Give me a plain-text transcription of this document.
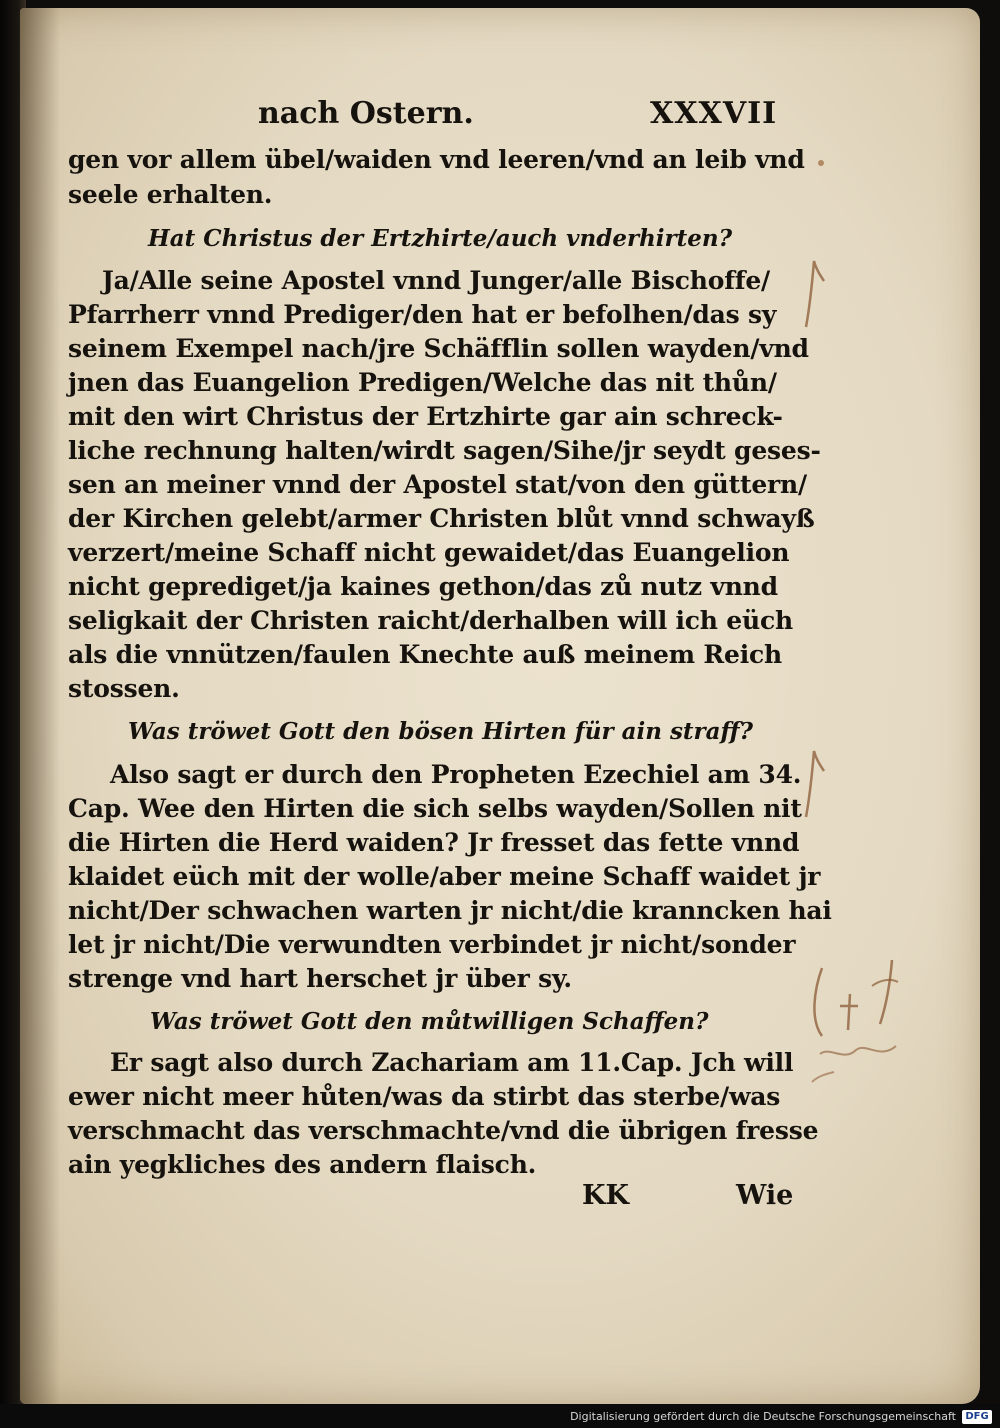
nach Ostern.	XXXVII
gen vor allem übel/waiden vnd leeren/vnd an leib vnd
seele erhalten.
Hat Christus der Ertzhirte/auch vnderhirten?
Ja/Alle seine Apostel vnnd Junger/alle Bischoffe/
Pfarrherr vnnd Prediger/den hat er befolhen/das sy
seinem Exempel nach/jre Schäfflin sollen wayden/vnd
jnen das Euangelion Predigen/Welche das nit thůn/
mit den wirt Christus der Ertzhirte gar ain schreck-
liche rechnung halten/wirdt sagen/Sihe/jr seydt geses-
sen an meiner vnnd der Apostel stat/von den güttern/
der Kirchen gelebt/armer Christen blůt vnnd schwayß
verzert/meine Schaff nicht gewaidet/das Euangelion
nicht geprediget/ja kaines gethon/das zů nutz vnnd
seligkait der Christen raicht/derhalben will ich eüch
als die vnnützen/faulen Knechte auß meinem Reich
stossen.
Was tröwet Gott den bösen Hirten für ain straff?
Also sagt er durch den Propheten Ezechiel am 34.
Cap. Wee den Hirten die sich selbs wayden/Sollen nit
die Hirten die Herd waiden? Jr fresset das fette vnnd
klaidet eüch mit der wolle/aber meine Schaff waidet jr
nicht/Der schwachen warten jr nicht/die kranncken hai
let jr nicht/Die verwundten verbindet jr nicht/sonder
strenge vnd hart herschet jr über sy.
Was tröwet Gott den můtwilligen Schaffen?
Er sagt also durch Zachariam am 11.Cap. Jch will
ewer nicht meer hůten/was da stirbt das sterbe/was
verschmacht das verschmachte/vnd die übrigen fresse
ain yegkliches des andern flaisch.
KK	Wie
Digitalisierung gefördert durch die Deutsche Forschungsgemeinschaft DFG
